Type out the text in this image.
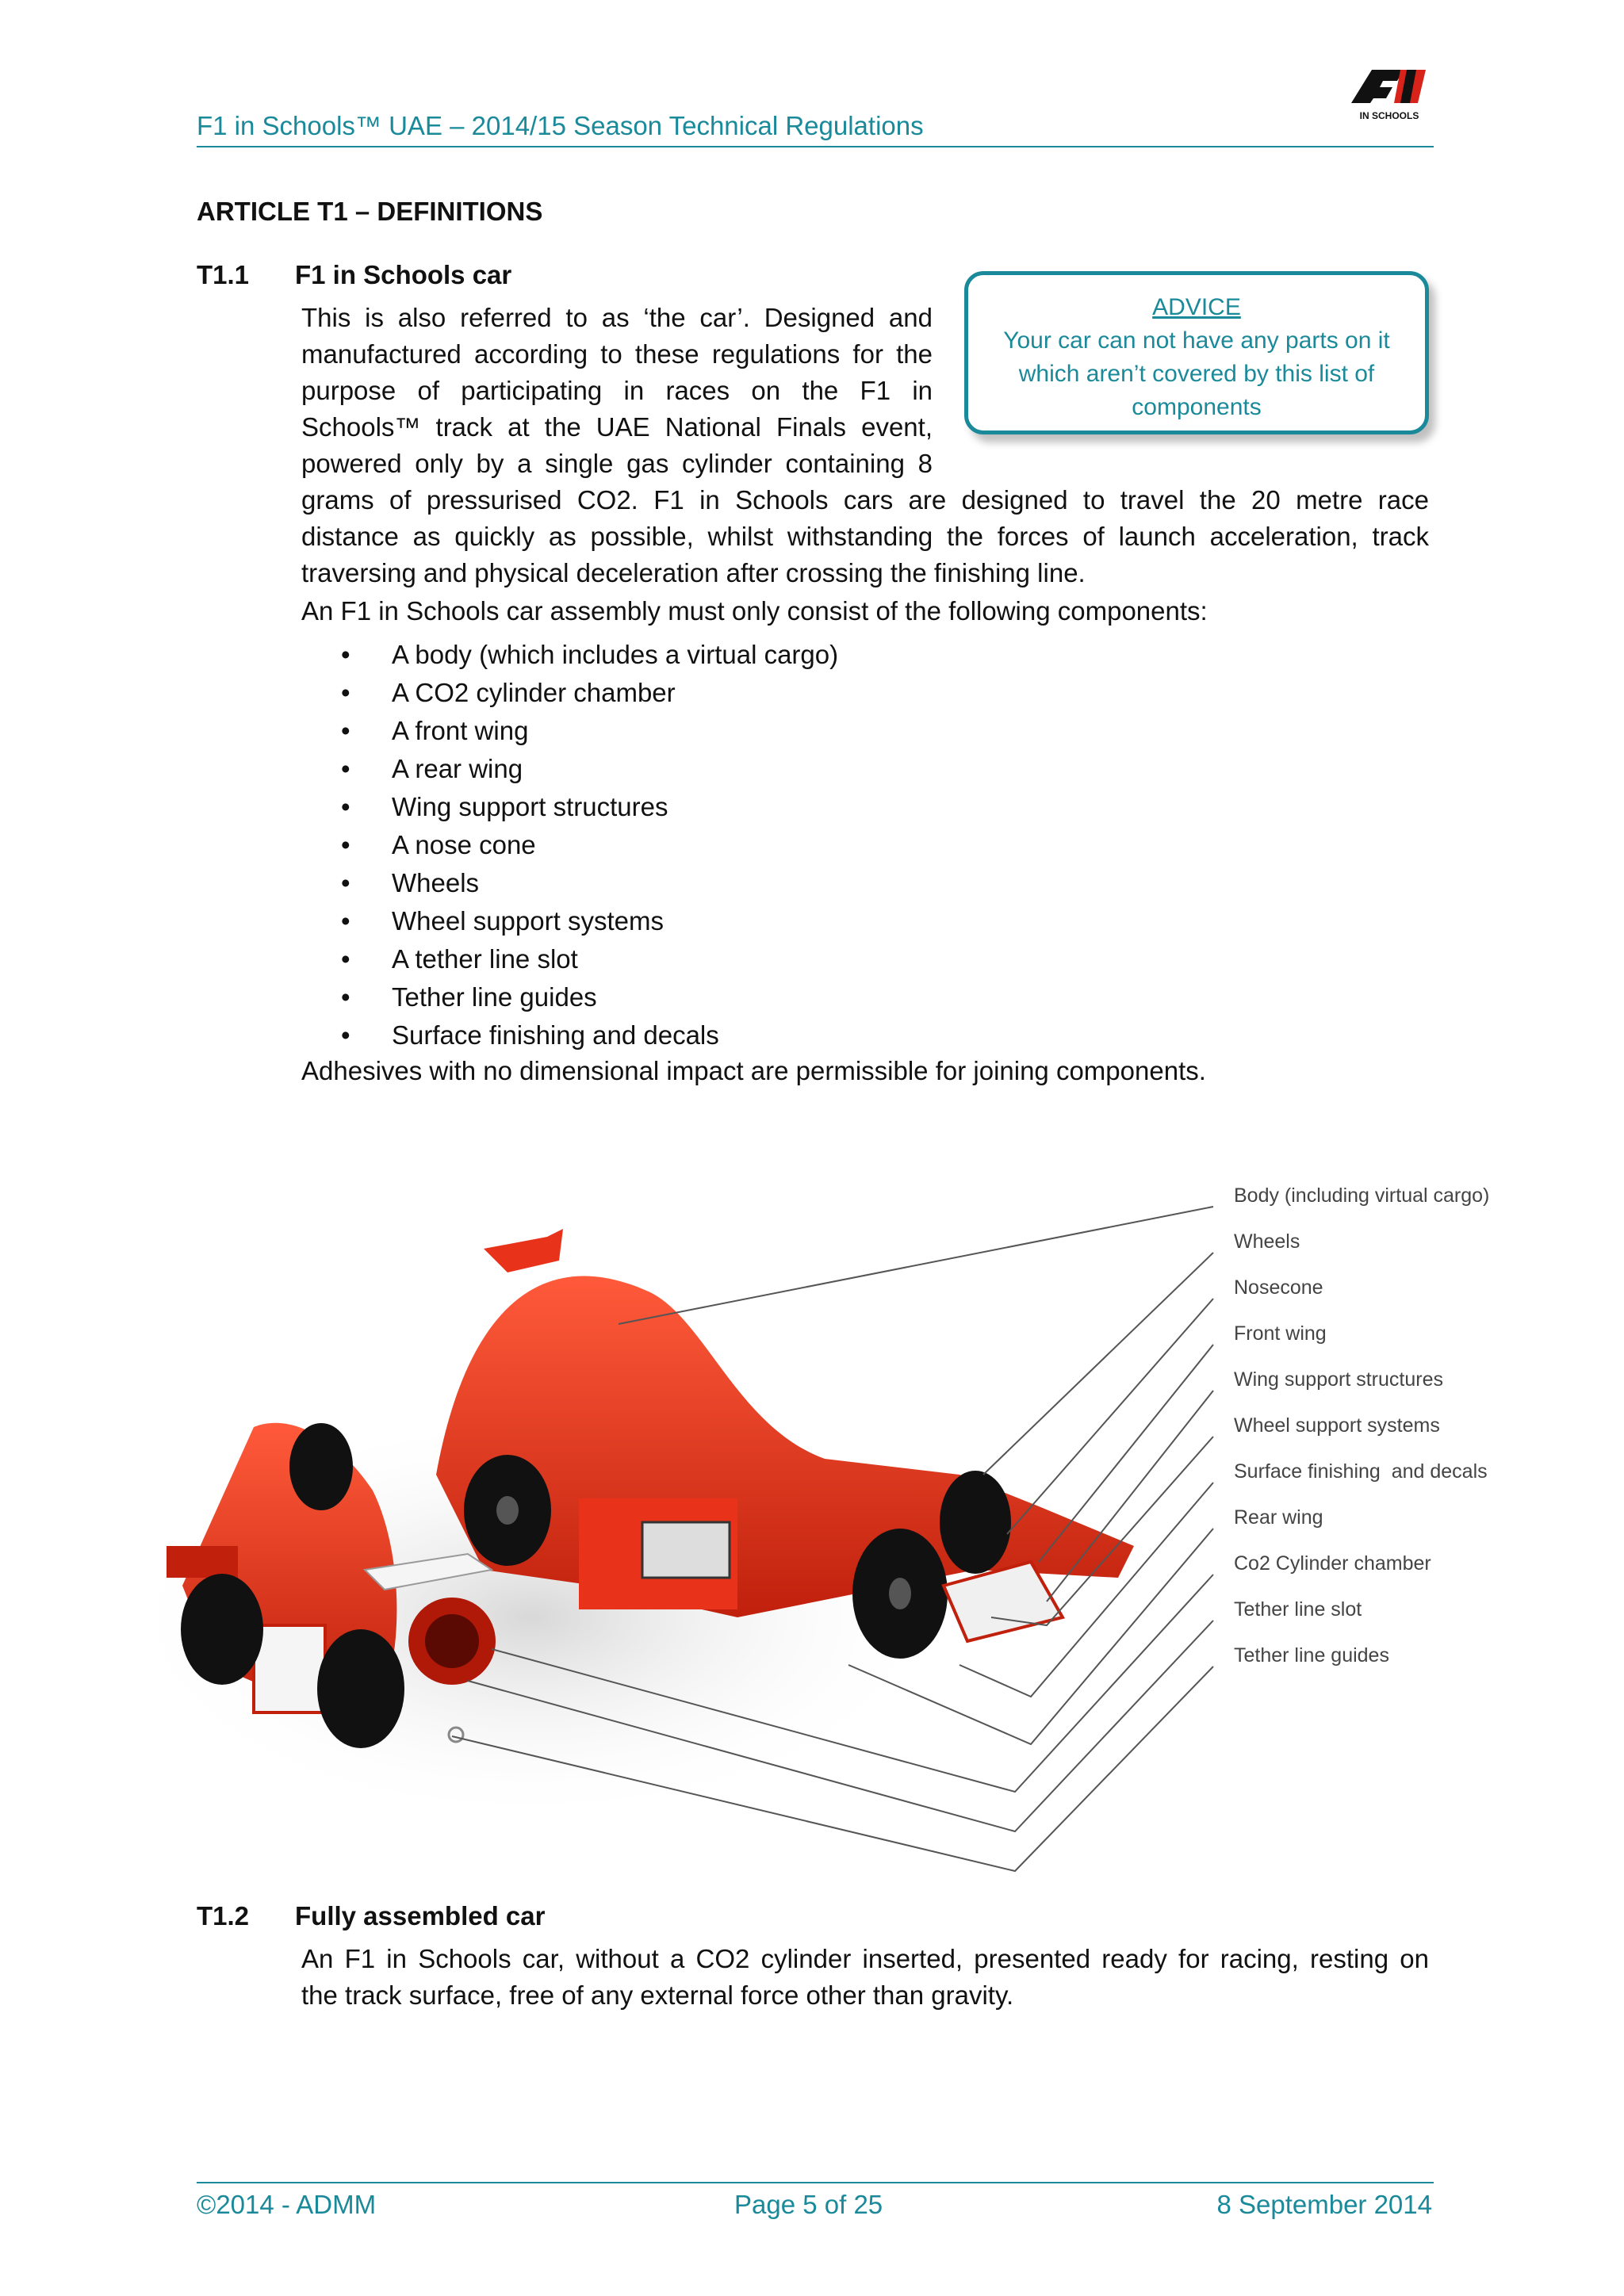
F1 in Schools™ UAE – 2014/15 Season Technical Regulations	IN SCHOOLS
ARTICLE T1 – DEFINITIONS
T1.1 F1 in Schools car
This is also referred to as ‘the car’. Designed and
manufactured according to these regulations for the
purpose of participating in races on the F1 in
Schools™ track at the UAE National Finals event,
powered only by a single gas cylinder containing 8
grams of pressurised CO2. F1 in Schools cars are designed to travel the 20 metre race
distance as quickly as possible, whilst withstanding the forces of launch acceleration, track
traversing and physical deceleration after crossing the finishing line.
An F1 in Schools car assembly must only consist of the following components:
• A body (which includes a virtual cargo)
• A CO2 cylinder chamber
• A front wing
• A rear wing
• Wing support structures
• A nose cone
• Wheels
• Wheel support systems
• A tether line slot
• Tether line guides
• Surface finishing and decals
Adhesives with no dimensional impact are permissible for joining components.
ADVICE
Your car can not have any parts on it
which aren’t covered by this list of
components
Body (including virtual cargo)
Wheels
Nosecone
Front wing
Wing support structures
Wheel support systems
Surface finishing  and decals
Rear wing
Co2 Cylinder chamber
Tether line slot
Tether line guides
T1.2 Fully assembled car
An F1 in Schools car, without a CO2 cylinder inserted, presented ready for racing, resting on
the track surface, free of any external force other than gravity.
©2014 - ADMM	Page 5 of 25	8 September 2014
